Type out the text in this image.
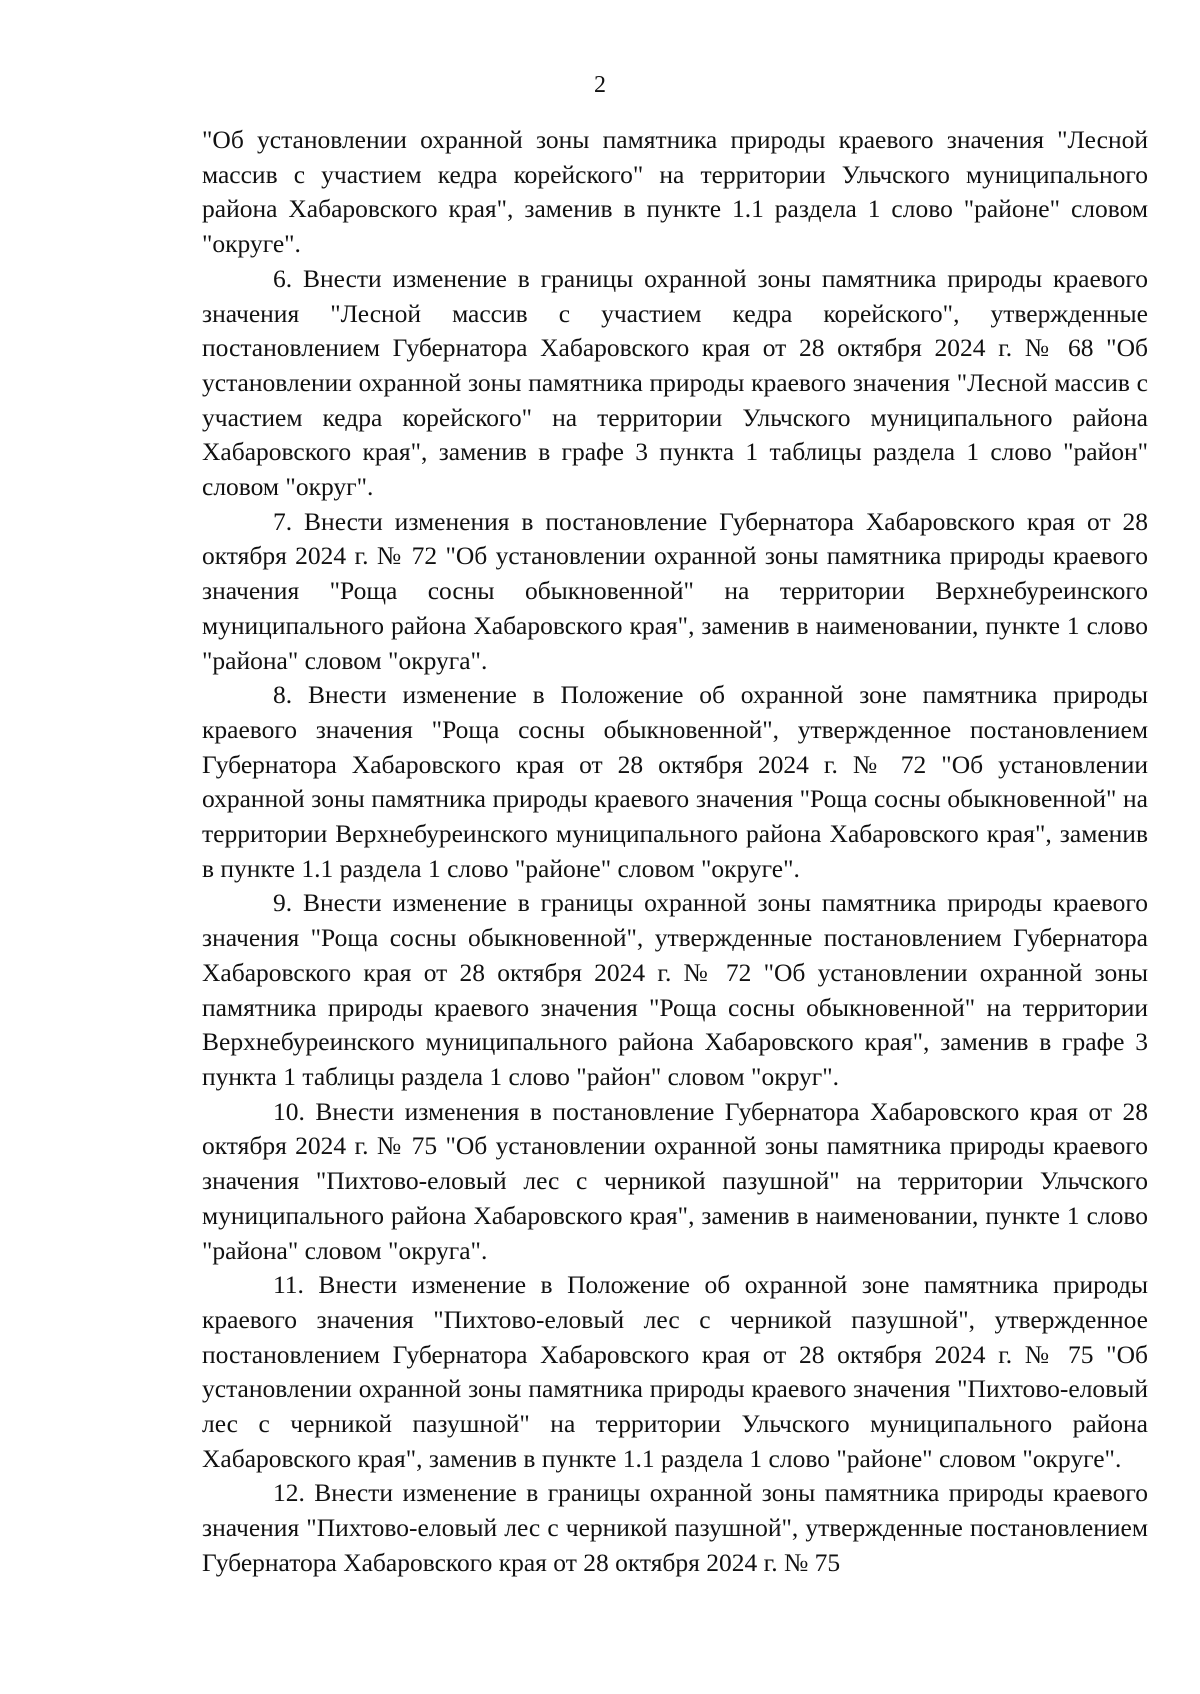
2

"Об установлении охранной зоны памятника природы краевого значения "Лесной массив с участием кедра корейского" на территории Ульчского муниципального района Хабаровского края", заменив в пункте 1.1 раздела 1 слово "районе" словом "округе".

6. Внести изменение в границы охранной зоны памятника природы краевого значения "Лесной массив с участием кедра корейского", утвержденные постановлением Губернатора Хабаровского края от 28 октября 2024 г. № 68 "Об установлении охранной зоны памятника природы краевого значения "Лесной массив с участием кедра корейского" на территории Ульчского муниципального района Хабаровского края", заменив в графе 3 пункта 1 таблицы раздела 1 слово "район" словом "округ".

7. Внести изменения в постановление Губернатора Хабаровского края от 28 октября 2024 г. № 72 "Об установлении охранной зоны памятника природы краевого значения "Роща сосны обыкновенной" на территории Верхнебуреинского муниципального района Хабаровского края", заменив в наименовании, пункте 1 слово "района" словом "округа".

8. Внести изменение в Положение об охранной зоне памятника природы краевого значения "Роща сосны обыкновенной", утвержденное постановлением Губернатора Хабаровского края от 28 октября 2024 г. № 72 "Об установлении охранной зоны памятника природы краевого значения "Роща сосны обыкновенной" на территории Верхнебуреинского муниципального района Хабаровского края", заменив в пункте 1.1 раздела 1 слово "районе" словом "округе".

9. Внести изменение в границы охранной зоны памятника природы краевого значения "Роща сосны обыкновенной", утвержденные постановлением Губернатора Хабаровского края от 28 октября 2024 г. № 72 "Об установлении охранной зоны памятника природы краевого значения "Роща сосны обыкновенной" на территории Верхнебуреинского муниципального района Хабаровского края", заменив в графе 3 пункта 1 таблицы раздела 1 слово "район" словом "округ".

10. Внести изменения в постановление Губернатора Хабаровского края от 28 октября 2024 г. № 75 "Об установлении охранной зоны памятника природы краевого значения "Пихтово-еловый лес с черникой пазушной" на территории Ульчского муниципального района Хабаровского края", заменив в наименовании, пункте 1 слово "района" словом "округа".

11. Внести изменение в Положение об охранной зоне памятника природы краевого значения "Пихтово-еловый лес с черникой пазушной", утвержденное постановлением Губернатора Хабаровского края от 28 октября 2024 г. № 75 "Об установлении охранной зоны памятника природы краевого значения "Пихтово-еловый лес с черникой пазушной" на территории Ульчского муниципального района Хабаровского края", заменив в пункте 1.1 раздела 1 слово "районе" словом "округе".

12. Внести изменение в границы охранной зоны памятника природы краевого значения "Пихтово-еловый лес с черникой пазушной", утвержденные постановлением Губернатора Хабаровского края от 28 октября 2024 г. № 75
